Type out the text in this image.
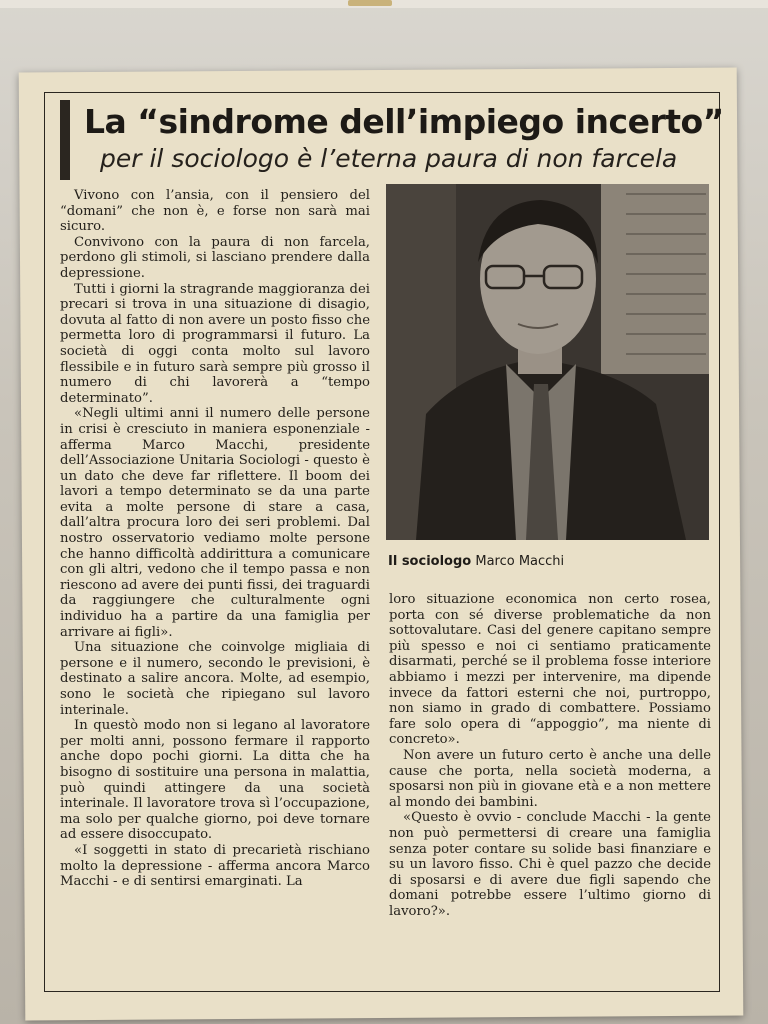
La “sindrome dell’impiego incerto”
per il sociologo è l’eterna paura di non farcela

Vivono con l’ansia, con il pensiero del “domani” che non è, e forse non sarà mai sicuro.

Convivono con la paura di non farcela, perdono gli stimoli, si lasciano prendere dalla depressione.

Tutti i giorni la stragrande maggioranza dei precari si trova in una situazione di disagio, dovuta al fatto di non avere un posto fisso che permetta loro di programmarsi il futuro. La società di oggi conta molto sul lavoro flessibile e in futuro sarà sempre più grosso il numero di chi lavorerà a “tempo determinato”.

«Negli ultimi anni il numero delle persone in crisi è cresciuto in maniera esponenziale - afferma Marco Macchi, presidente dell’Associazione Unitaria Sociologi - questo è un dato che deve far riflettere. Il boom dei lavori a tempo determinato se da una parte evita a molte persone di stare a casa, dall’altra procura loro dei seri problemi. Dal nostro osservatorio vediamo molte persone che hanno difficoltà addirittura a comunicare con gli altri, vedono che il tempo passa e non riescono ad avere dei punti fissi, dei traguardi da raggiungere che culturalmente ogni individuo ha a partire da una famiglia per arrivare ai figli».

Una situazione che coinvolge migliaia di persone e il numero, secondo le previsioni, è destinato a salire ancora. Molte, ad esempio, sono le società che ripiegano sul lavoro interinale.

In questò modo non si legano al lavoratore per molti anni, possono fermare il rapporto anche dopo pochi giorni. La ditta che ha bisogno di sostituire una persona in malattia, può quindi attingere da una società interinale. Il lavoratore trova sì l’occupazione, ma solo per qualche giorno, poi deve tornare ad essere disoccupato.

«I soggetti in stato di precarietà rischiano molto la depressione - afferma ancora Marco Macchi - e di sentirsi emarginati. La

Il sociologo Marco Macchi

loro situazione economica non certo rosea, porta con sé diverse problematiche da non sottovalutare. Casi del genere capitano sempre più spesso e noi ci sentiamo praticamente disarmati, perché se il problema fosse interiore abbiamo i mezzi per intervenire, ma dipende invece da fattori esterni che noi, purtroppo, non siamo in grado di combattere. Possiamo fare solo opera di “appoggio”, ma niente di concreto».

Non avere un futuro certo è anche una delle cause che porta, nella società moderna, a sposarsi non più in giovane età e a non mettere al mondo dei bambini.

«Questo è ovvio - conclude Macchi - la gente non può permettersi di creare una famiglia senza poter contare su solide basi finanziare e su un lavoro fisso. Chi è quel pazzo che decide di sposarsi e di avere due figli sapendo che domani potrebbe essere l’ultimo giorno di lavoro?».
